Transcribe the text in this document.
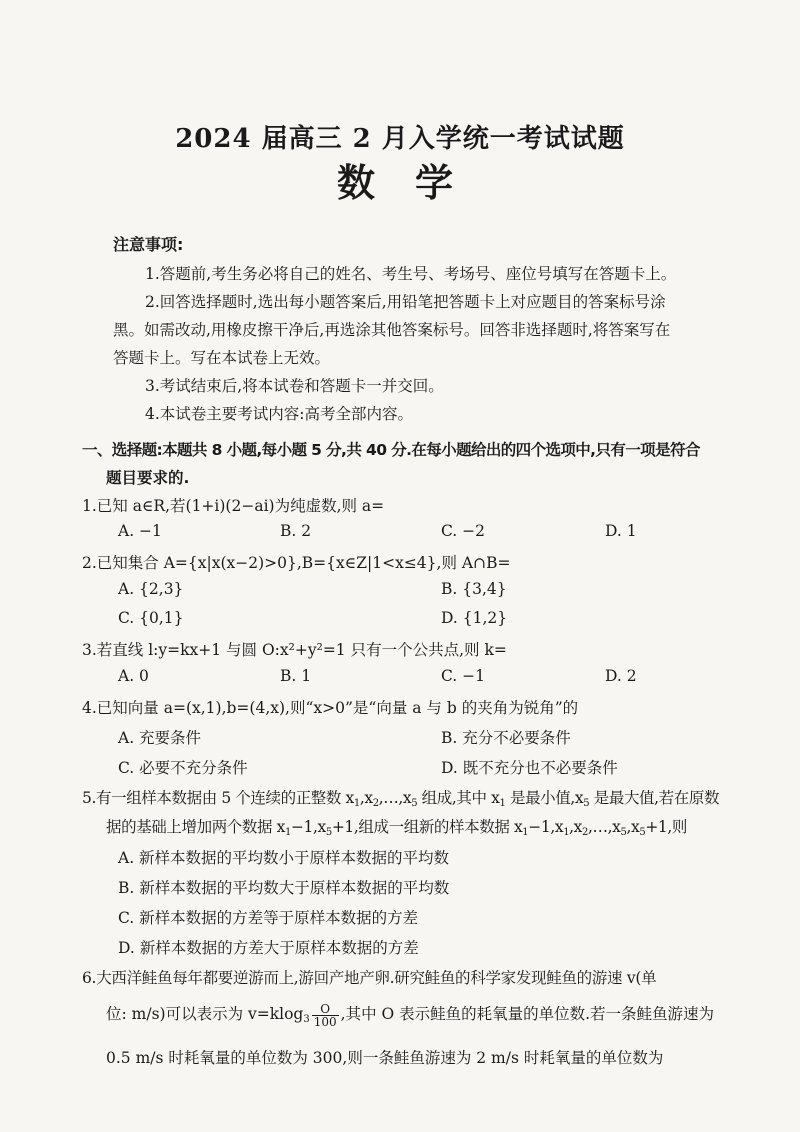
2024 届高三 2 月入学统一考试试题
数学
注意事项:
1.答题前,考生务必将自己的姓名、考生号、考场号、座位号填写在答题卡上。
2.回答选择题时,选出每小题答案后,用铅笔把答题卡上对应题目的答案标号涂
黑。如需改动,用橡皮擦干净后,再选涂其他答案标号。回答非选择题时,将答案写在
答题卡上。写在本试卷上无效。
3.考试结束后,将本试卷和答题卡一并交回。
4.本试卷主要考试内容:高考全部内容。
一、选择题:本题共 8 小题,每小题 5 分,共 40 分.在每小题给出的四个选项中,只有一项是符合
题目要求的.
1.已知 a∈R,若(1+i)(2−ai)为纯虚数,则 a=
A. −1	B. 2	C. −2	D. 1
2.已知集合 A={x|x(x−2)>0},B={x∈Z|1<x≤4},则 A∩B=
A. {2,3}	B. {3,4}
C. {0,1}	D. {1,2}
3.若直线 l:y=kx+1 与圆 O:x²+y²=1 只有一个公共点,则 k=
A. 0	B. 1	C. −1	D. 2
4.已知向量 a=(x,1),b=(4,x),则“x>0”是“向量 a 与 b 的夹角为锐角”的
A. 充要条件	B. 充分不必要条件
C. 必要不充分条件	D. 既不充分也不必要条件
5.有一组样本数据由 5 个连续的正整数 $x_1,x_2,\dots,x_5$ 组成,其中 $x_1$ 是最小值$,x_5$ 是最大值,若在原数
据的基础上增加两个数据 $x_1-1,x_5+1$,组成一组新的样本数据 $x_1-1,x_1,x_2,\dots,x_5,x_5+1$,则
A. 新样本数据的平均数小于原样本数据的平均数
B. 新样本数据的平均数大于原样本数据的平均数
C. 新样本数据的方差等于原样本数据的方差
D. 新样本数据的方差大于原样本数据的方差
6.大西洋鲑鱼每年都要逆游而上,游回产地产卵.研究鲑鱼的科学家发现鲑鱼的游速 v(单
位: m/s)可以表示为 $v=klog_3 \frac{O}{100}$ ,其中 O 表示鲑鱼的耗氧量的单位数.若一条鲑鱼游速为
0.5 m/s 时耗氧量的单位数为 300,则一条鲑鱼游速为 2 m/s 时耗氧量的单位数为
